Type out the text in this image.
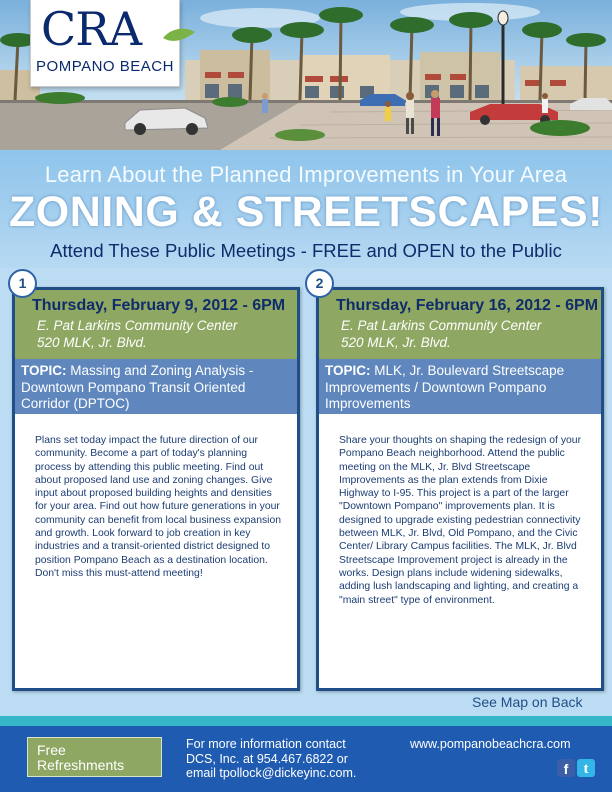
CRA
POMPANO BEACH
Learn About the Planned Improvements in Your Area
ZONING & STREETSCAPES!
Attend These Public Meetings - FREE and OPEN to the Public
Thursday, February 9, 2012 - 6PM
E. Pat Larkins Community Center
520 MLK, Jr. Blvd.

TOPIC: Massing and Zoning Analysis - Downtown Pompano Transit Oriented Corridor (DPTOC)

Plans set today impact the future direction of our community. Become a part of today's planning process by attending this public meeting. Find out about proposed land use and zoning changes. Give input about proposed building heights and densities for your area. Find out how future generations in your community can benefit from local business expansion and growth. Look forward to job creation in key industries and a transit-oriented district designed to position Pompano Beach as a destination location. Don't miss this must-attend meeting!

1
Thursday, February 16, 2012 - 6PM
E. Pat Larkins Community Center
520 MLK, Jr. Blvd.

TOPIC: MLK, Jr. Boulevard Streetscape Improvements / Downtown Pompano Improvements

Share your thoughts on shaping the redesign of your Pompano Beach neighborhood. Attend the public meeting on the MLK, Jr. Blvd Streetscape Improvements as the plan extends from Dixie Highway to I-95. This project is a part of the larger "Downtown Pompano" improvements plan. It is designed to upgrade existing pedestrian connectivity between MLK, Jr. Blvd, Old Pompano, and the Civic Center/ Library Campus facilities. The MLK, Jr. Blvd Streetscape Improvement project is already in the works. Design plans include widening sidewalks, adding lush landscaping and lighting, and creating a "main street" type of environment.

2
See Map on Back
Free
Refreshments

For more information contact
DCS, Inc. at 954.467.6822 or
email tpollock@dickeyinc.com.

www.pompanobeachcra.com
f	t
